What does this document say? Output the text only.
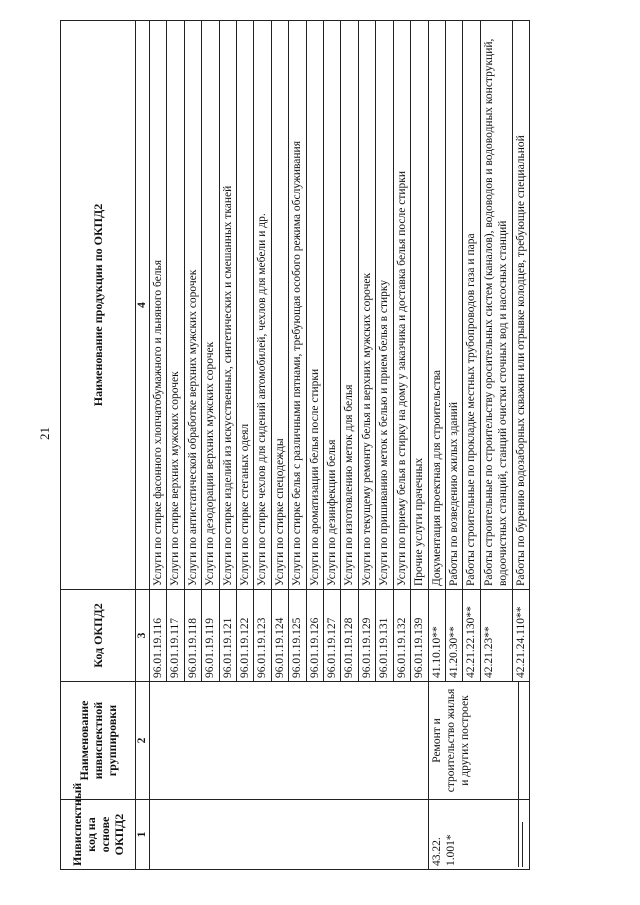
21
Инвиспектный код на основе ОКПД2	Наименование инвиспектной группировки	Код ОКПД2	Наименование продукции по ОКПД2
1	2	3	4
		96.01.19.116	Услуги по стирке фасонного хлопчатобумажного и льняного белья
		96.01.19.117	Услуги по стирке верхних мужских сорочек
		96.01.19.118	Услуги по антистатической обработке верхних мужских сорочек
		96.01.19.119	Услуги по дезодорации верхних мужских сорочек
		96.01.19.121	Услуги по стирке изделий из искусственных, синтетических и смешанных тканей
		96.01.19.122	Услуги по стирке стеганых одеял
		96.01.19.123	Услуги по стирке чехлов для сидений автомобилей, чехлов для мебели и др.
		96.01.19.124	Услуги по стирке спецодежды
		96.01.19.125	Услуги по стирке белья с различными пятнами, требующая особого режима обслуживания
		96.01.19.126	Услуги по ароматизации белья после стирки
		96.01.19.127	Услуги по дезинфекции белья
		96.01.19.128	Услуги по изготовлению меток для белья
		96.01.19.129	Услуги по текущему ремонту белья и верхних мужских сорочек
		96.01.19.131	Услуги по пришиванию меток к белью и прием белья в стирку
		96.01.19.132	Услуги по приему белья в стирку на дому у заказчика и доставка белья после стирки
		96.01.19.139	Прочие услуги прачечных
43.22. 1.001*	Ремонт и строительство жилья и других построек	41.10.10**	Документация проектная для строительства
		41.20.30**	Работы по возведению жилых зданий
		42.21.22.130**	Работы строительные по прокладке местных трубопроводов газа и пара
		42.21.23**	Работы строительные по строительству оросительных систем (каналов), водоводов и водоводных конструкций, водоочистных станций, станций очистки сточных вод и насосных станций
		42.21.24.110**	Работы по бурению водозаборных скважин или отрывке колодцев, требующие специальной
